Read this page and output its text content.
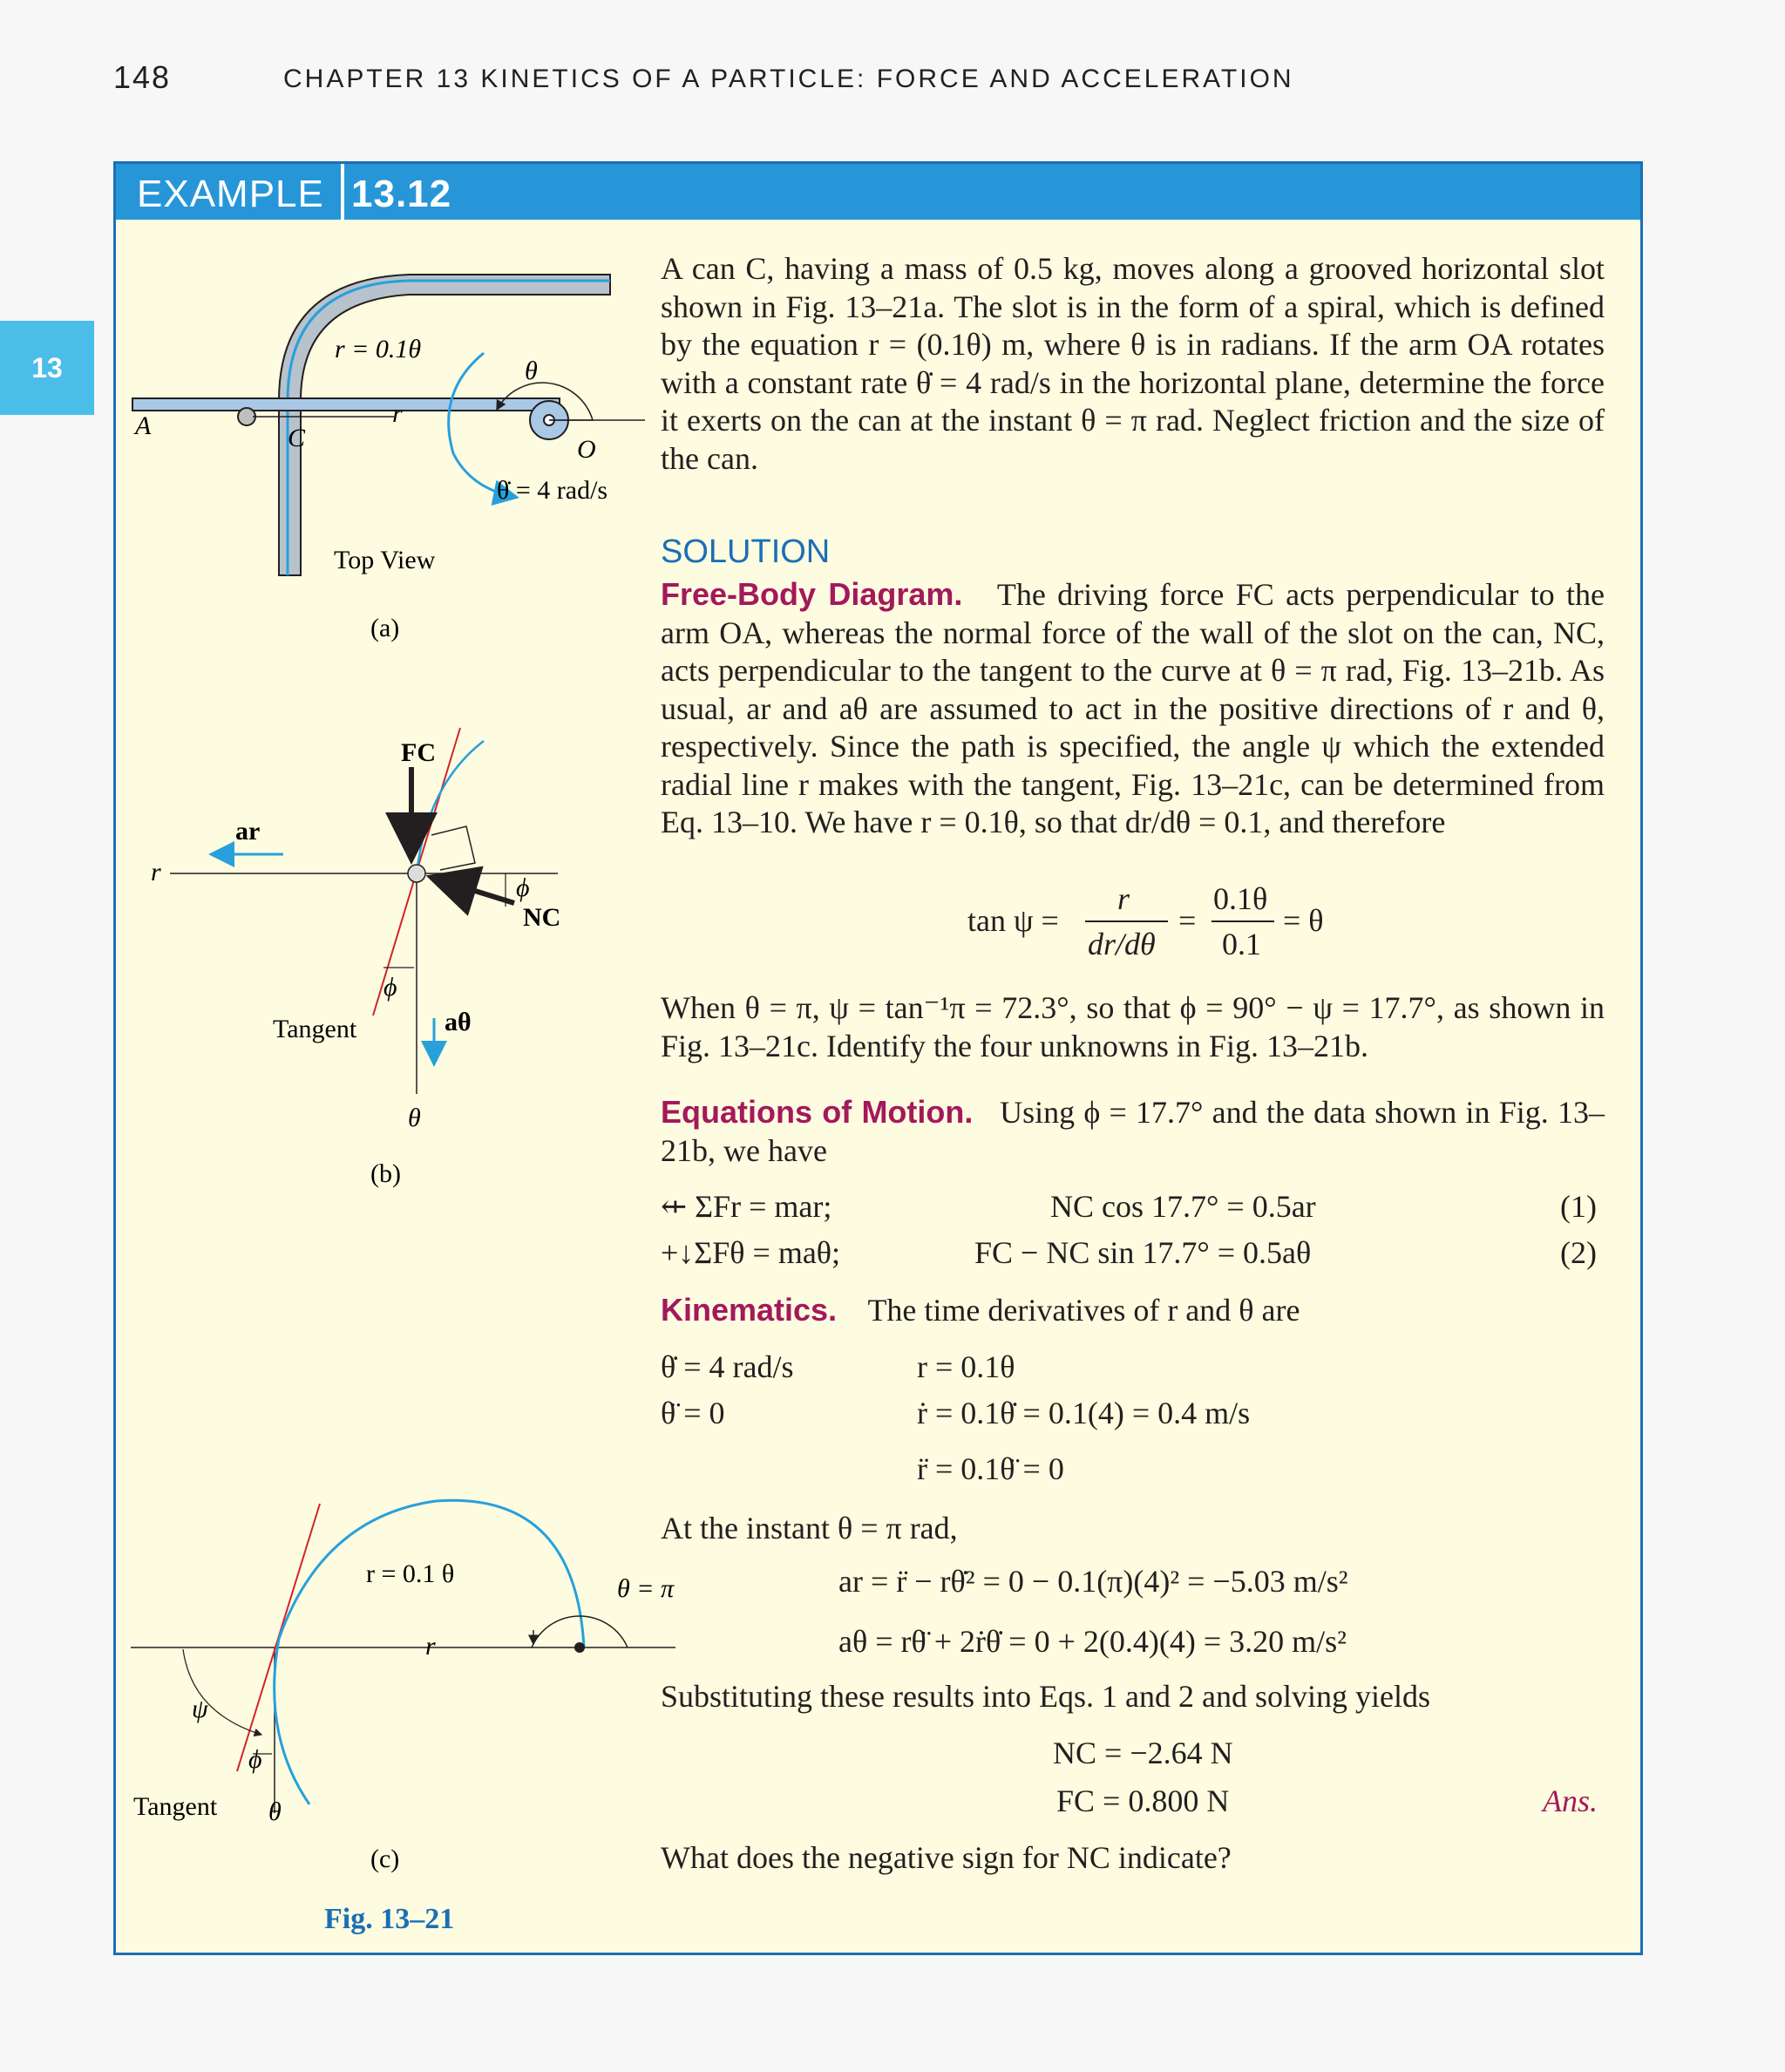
148	CHAPTER 13 KINETICS OF A PARTICLE: FORCE AND ACCELERATION
13
EXAMPLE 13.12
r = 0.1θ
θ
A	C
r
O
θ̇ = 4 rad/s
Top View
(a)
FC
ar
r
ϕ
NC
ϕ
Tangent	aθ
θ
(b)
r = 0.1 θ
θ = π
r
ψ
ϕ
Tangent θ
(c)
Fig. 13–21

A can C, having a mass of 0.5 kg, moves along a grooved horizontal slot shown in Fig. 13–21a. The slot is in the form of a spiral, which is defined by the equation r = (0.1θ) m, where θ is in radians. If the arm OA rotates with a constant rate θ̇ = 4 rad/s in the horizontal plane, determine the force it exerts on the can at the instant θ = π rad. Neglect friction and the size of the can.

SOLUTION

Free-Body Diagram. The driving force FC acts perpendicular to the arm OA, whereas the normal force of the wall of the slot on the can, NC, acts perpendicular to the tangent to the curve at θ = π rad, Fig. 13–21b. As usual, ar and aθ are assumed to act in the positive directions of r and θ, respectively. Since the path is specified, the angle ψ which the extended radial line r makes with the tangent, Fig. 13–21c, can be determined from Eq. 13–10. We have r = 0.1θ, so that dr/dθ = 0.1, and therefore

tan ψ =
r
dr/dθ
=
0.1θ
0.1
= θ

When θ = π, ψ = tan⁻¹π = 72.3°, so that ϕ = 90° − ψ = 17.7°, as shown in Fig. 13–21c. Identify the four unknowns in Fig. 13–21b.

Equations of Motion. Using ϕ = 17.7° and the data shown in Fig. 13–21b, we have

⇷ ΣFr = mar;	NC cos 17.7° = 0.5ar	(1)
+↓ΣFθ = maθ;	FC − NC sin 17.7° = 0.5aθ	(2)
Kinematics. The time derivatives of r and θ are
θ̇ = 4 rad/s
θ̈ = 0
r = 0.1θ
ṙ = 0.1θ̇ = 0.1(4) = 0.4 m/s
r̈ = 0.1θ̈ = 0
At the instant θ = π rad,
ar = r̈ − rθ̇² = 0 − 0.1(π)(4)² = −5.03 m/s²
aθ = rθ̈ + 2ṙθ̇ = 0 + 2(0.4)(4) = 3.20 m/s²
Substituting these results into Eqs. 1 and 2 and solving yields
NC = −2.64 N
FC = 0.800 N	Ans.
What does the negative sign for NC indicate?
